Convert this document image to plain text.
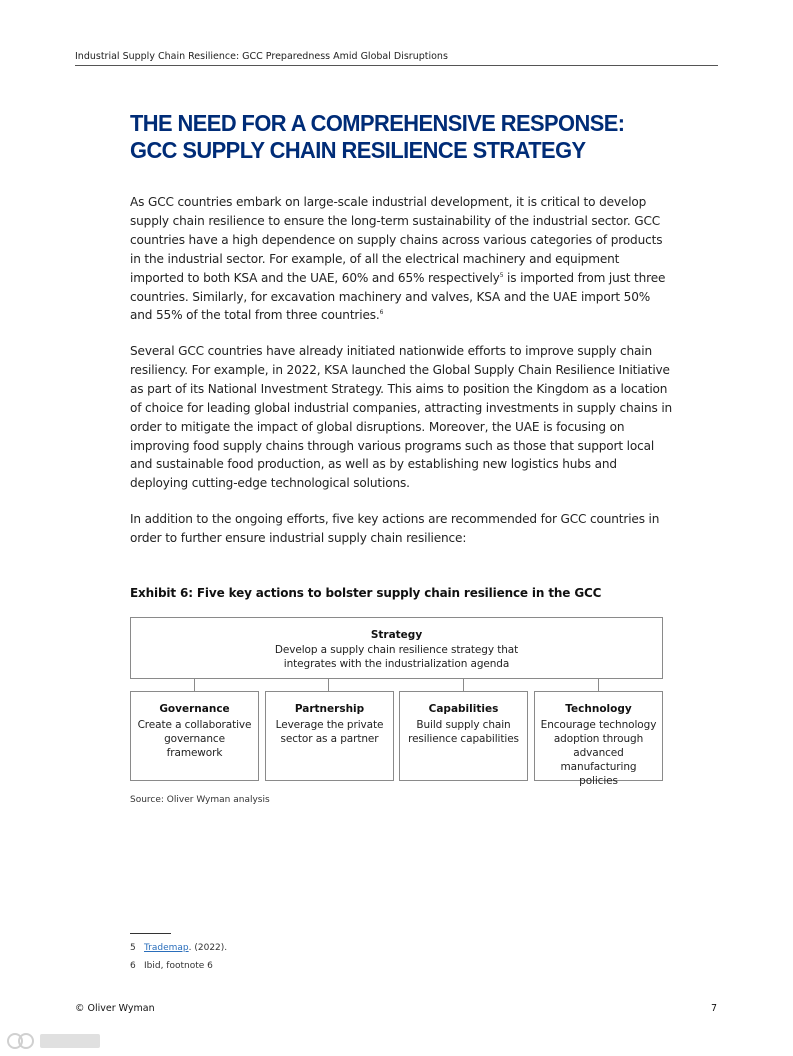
Industrial Supply Chain Resilience: GCC Preparedness Amid Global Disruptions
THE NEED FOR A COMPREHENSIVE RESPONSE: GCC SUPPLY CHAIN RESILIENCE STRATEGY

As GCC countries embark on large-scale industrial development, it is critical to develop supply chain resilience to ensure the long-term sustainability of the industrial sector. GCC countries have a high dependence on supply chains across various categories of products in the industrial sector. For example, of all the electrical machinery and equipment imported to both KSA and the UAE, 60% and 65% respectively$^5$ is imported from just three countries. Similarly, for excavation machinery and valves, KSA and the UAE import 50% and 55% of the total from three countries.$^6$

Several GCC countries have already initiated nationwide efforts to improve supply chain resiliency. For example, in 2022, KSA launched the Global Supply Chain Resilience Initiative as part of its National Investment Strategy. This aims to position the Kingdom as a location of choice for leading global industrial companies, attracting investments in supply chains in order to mitigate the impact of global disruptions. Moreover, the UAE is focusing on improving food supply chains through various programs such as those that support local and sustainable food production, as well as by establishing new logistics hubs and deploying cutting-edge technological solutions.

In addition to the ongoing efforts, five key actions are recommended for GCC countries in order to further ensure industrial supply chain resilience:

Exhibit 6: Five key actions to bolster supply chain resilience in the GCC
Strategy
Develop a supply chain resilience strategy that integrates with the industrialization agenda
Governance
Create a collaborative governance framework
Partnership
Leverage the private sector as a partner
Capabilities
Build supply chain resilience capabilities
Technology
Encourage technology adoption through advanced manufacturing policies
Source: Oliver Wyman analysis
5 Trademap. (2022).
6 Ibid, footnote 6
© Oliver Wyman	7
